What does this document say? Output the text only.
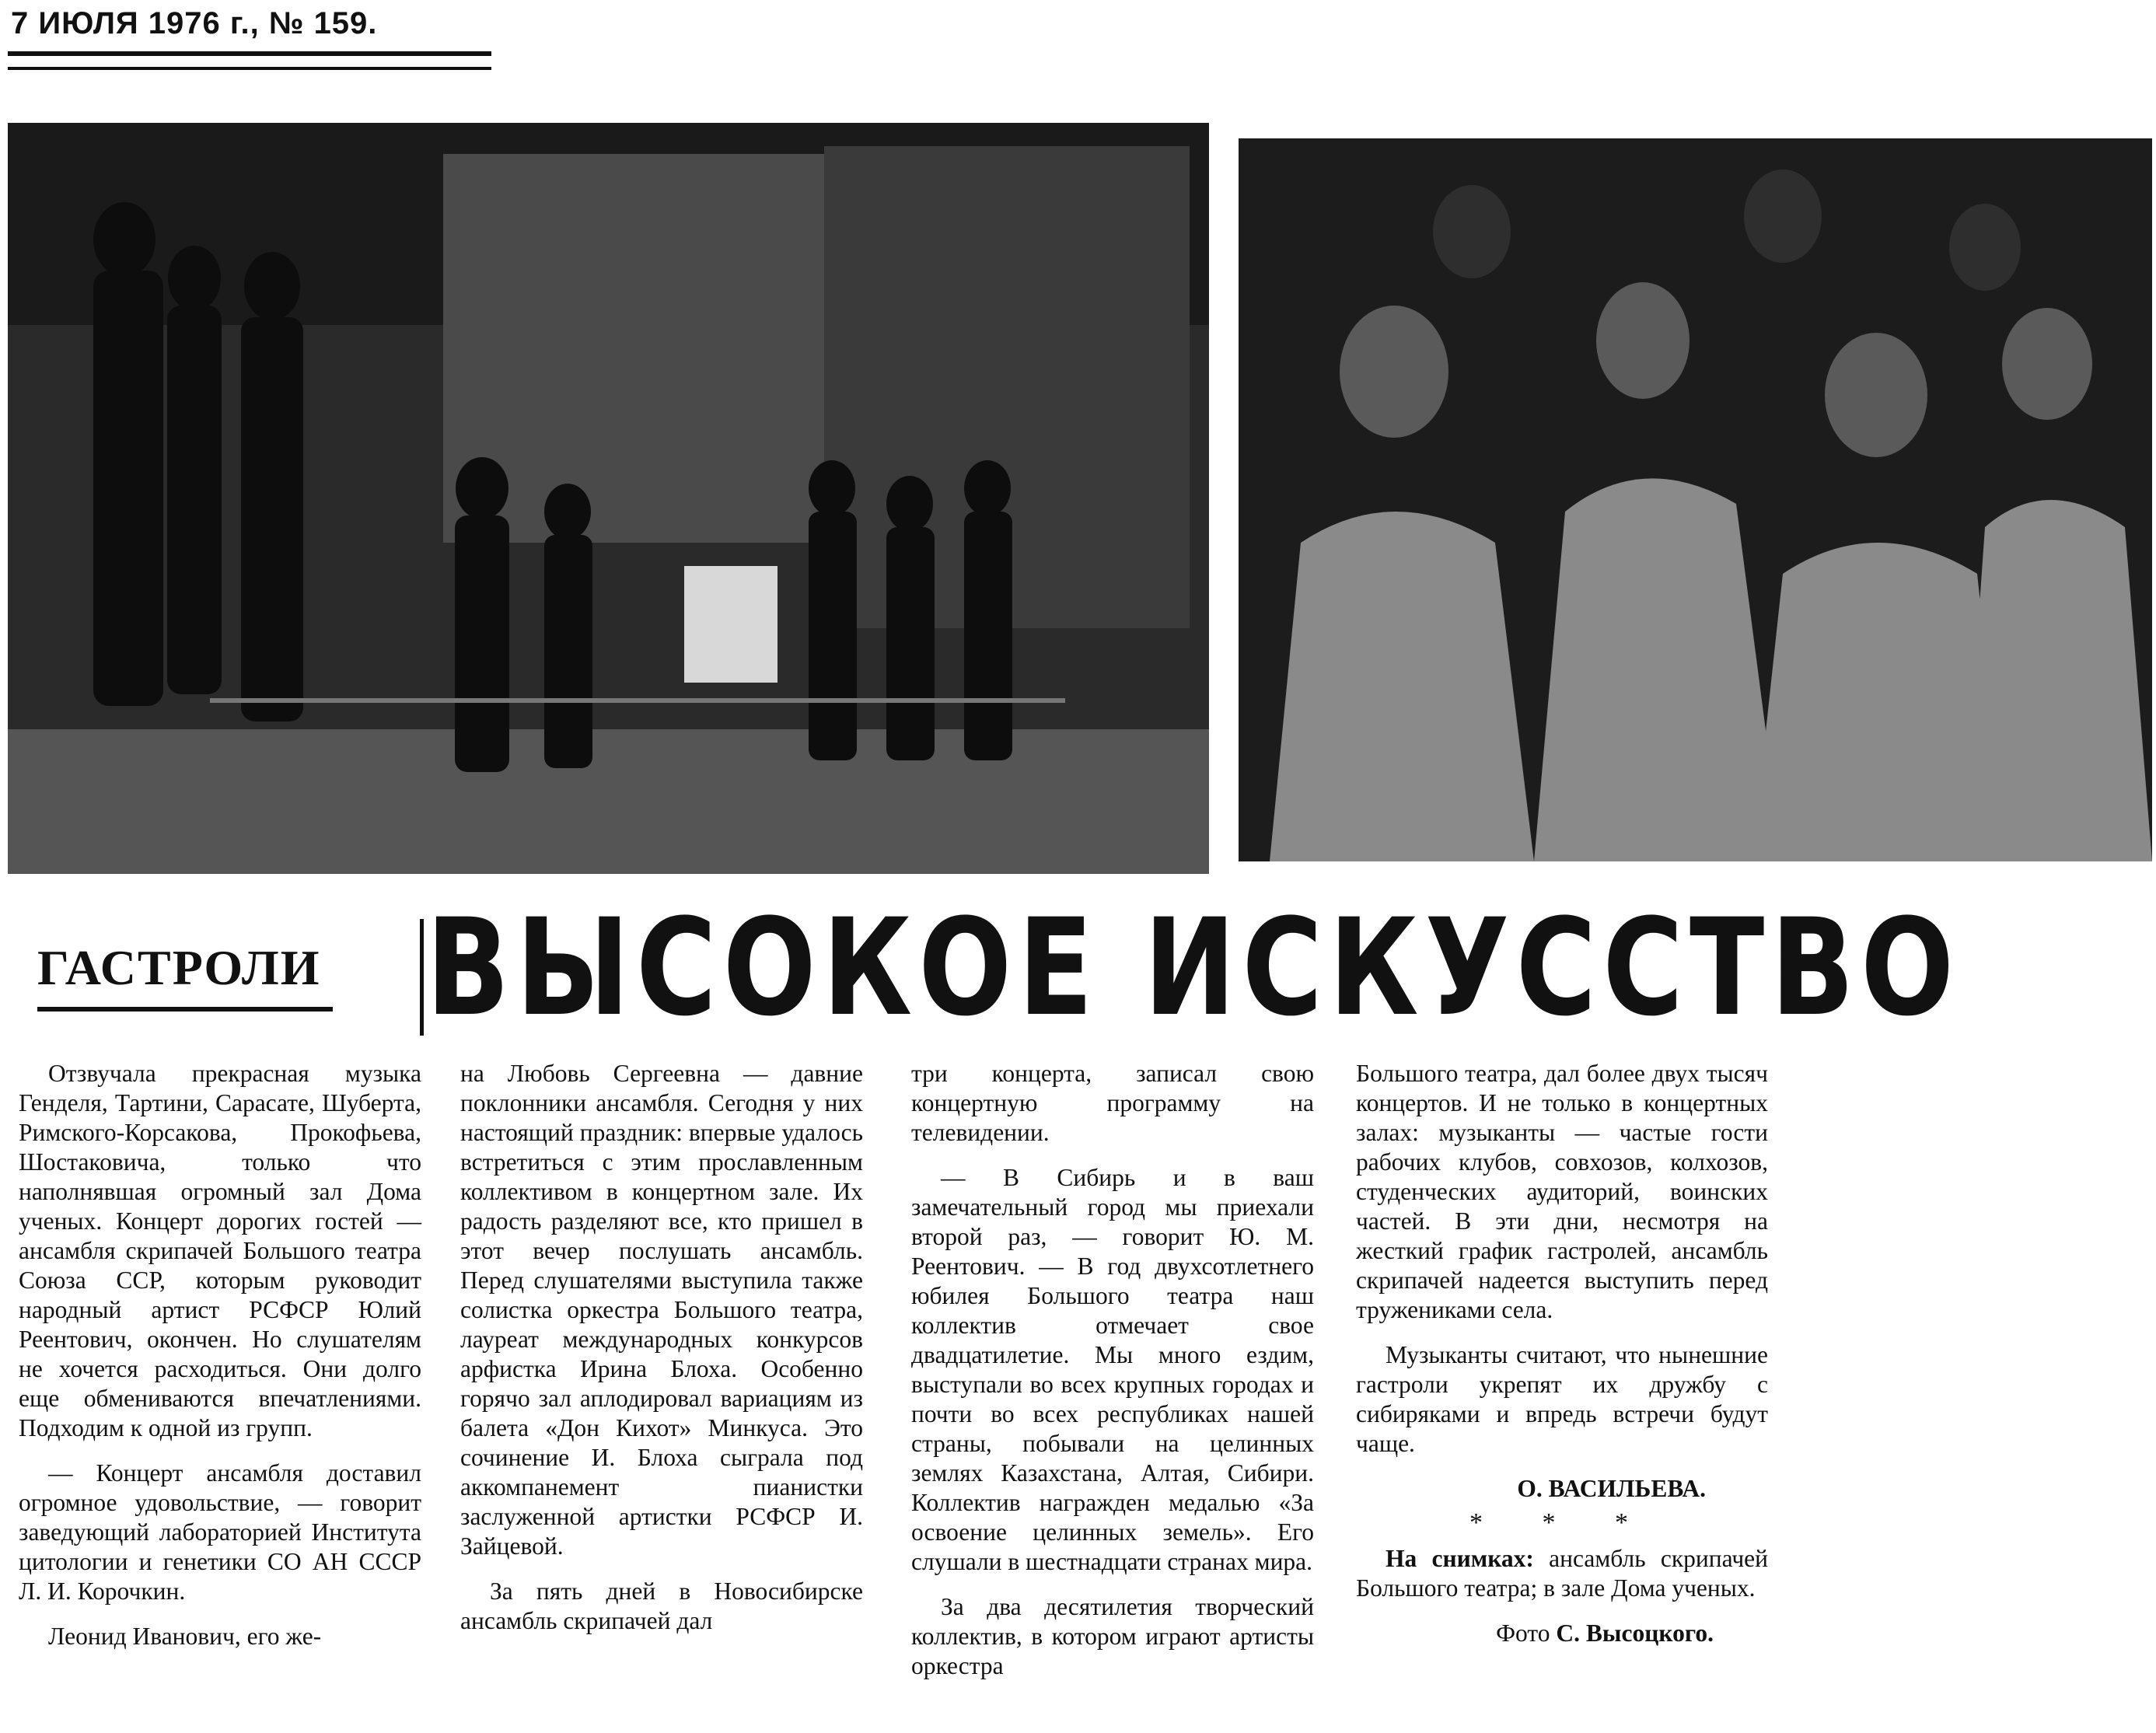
7 ИЮЛЯ 1976 г., № 159.
ГАСТРОЛИ ВЫСОКОЕ ИСКУССТВО

Отзвучала прекрасная музыка Генделя, Тартини, Сарасате, Шуберта, Римского-Корсакова, Прокофьева, Шостаковича, только что наполнявшая огромный зал Дома ученых. Концерт дорогих гостей — ансамбля скрипачей Большого театра Союза ССР, которым руководит народный артист РСФСР Юлий Реентович, окончен. Но слушателям не хочется расходиться. Они долго еще обмениваются впечатлениями. Подходим к одной из групп.

— Концерт ансамбля доставил огромное удовольствие, — говорит заведующий лабораторией Института цитологии и генетики СО АН СССР Л. И. Корочкин.

Леонид Иванович, его же-

на Любовь Сергеевна — давние поклонники ансамбля. Сегодня у них настоящий праздник: впервые удалось встретиться с этим прославленным коллективом в концертном зале. Их радость разделяют все, кто пришел в этот вечер послушать ансамбль. Перед слушателями выступила также солистка оркестра Большого театра, лауреат международных конкурсов арфистка Ирина Блоха. Особенно горячо зал аплодировал вариациям из балета «Дон Кихот» Минкуса. Это сочинение И. Блоха сыграла под аккомпанемент пианистки заслуженной артистки РСФСР И. Зайцевой.

За пять дней в Новосибирске ансамбль скрипачей дал

три концерта, записал свою концертную программу на телевидении.

— В Сибирь и в ваш замечательный город мы приехали второй раз, — говорит Ю. М. Реентович. — В год двухсотлетнего юбилея Большого театра наш коллектив отмечает свое двадцатилетие. Мы много ездим, выступали во всех крупных городах и почти во всех республиках нашей страны, побывали на целинных землях Казахстана, Алтая, Сибири. Коллектив награжден медалью «За освоение целинных земель». Его слушали в шестнадцати странах мира.

За два десятилетия творческий коллектив, в котором играют артисты оркестра

Большого театра, дал более двух тысяч концертов. И не только в концертных залах: музыканты — частые гости рабочих клубов, совхозов, колхозов, студенческих аудиторий, воинских частей. В эти дни, несмотря на жесткий график гастролей, ансамбль скрипачей надеется выступить перед тружениками села.

Музыканты считают, что нынешние гастроли укрепят их дружбу с сибиряками и впредь встречи будут чаще.

О. ВАСИЛЬЕВА.

* * *

На снимках: ансамбль скрипачей Большого театра; в зале Дома ученых.

Фото С. Высоцкого.
